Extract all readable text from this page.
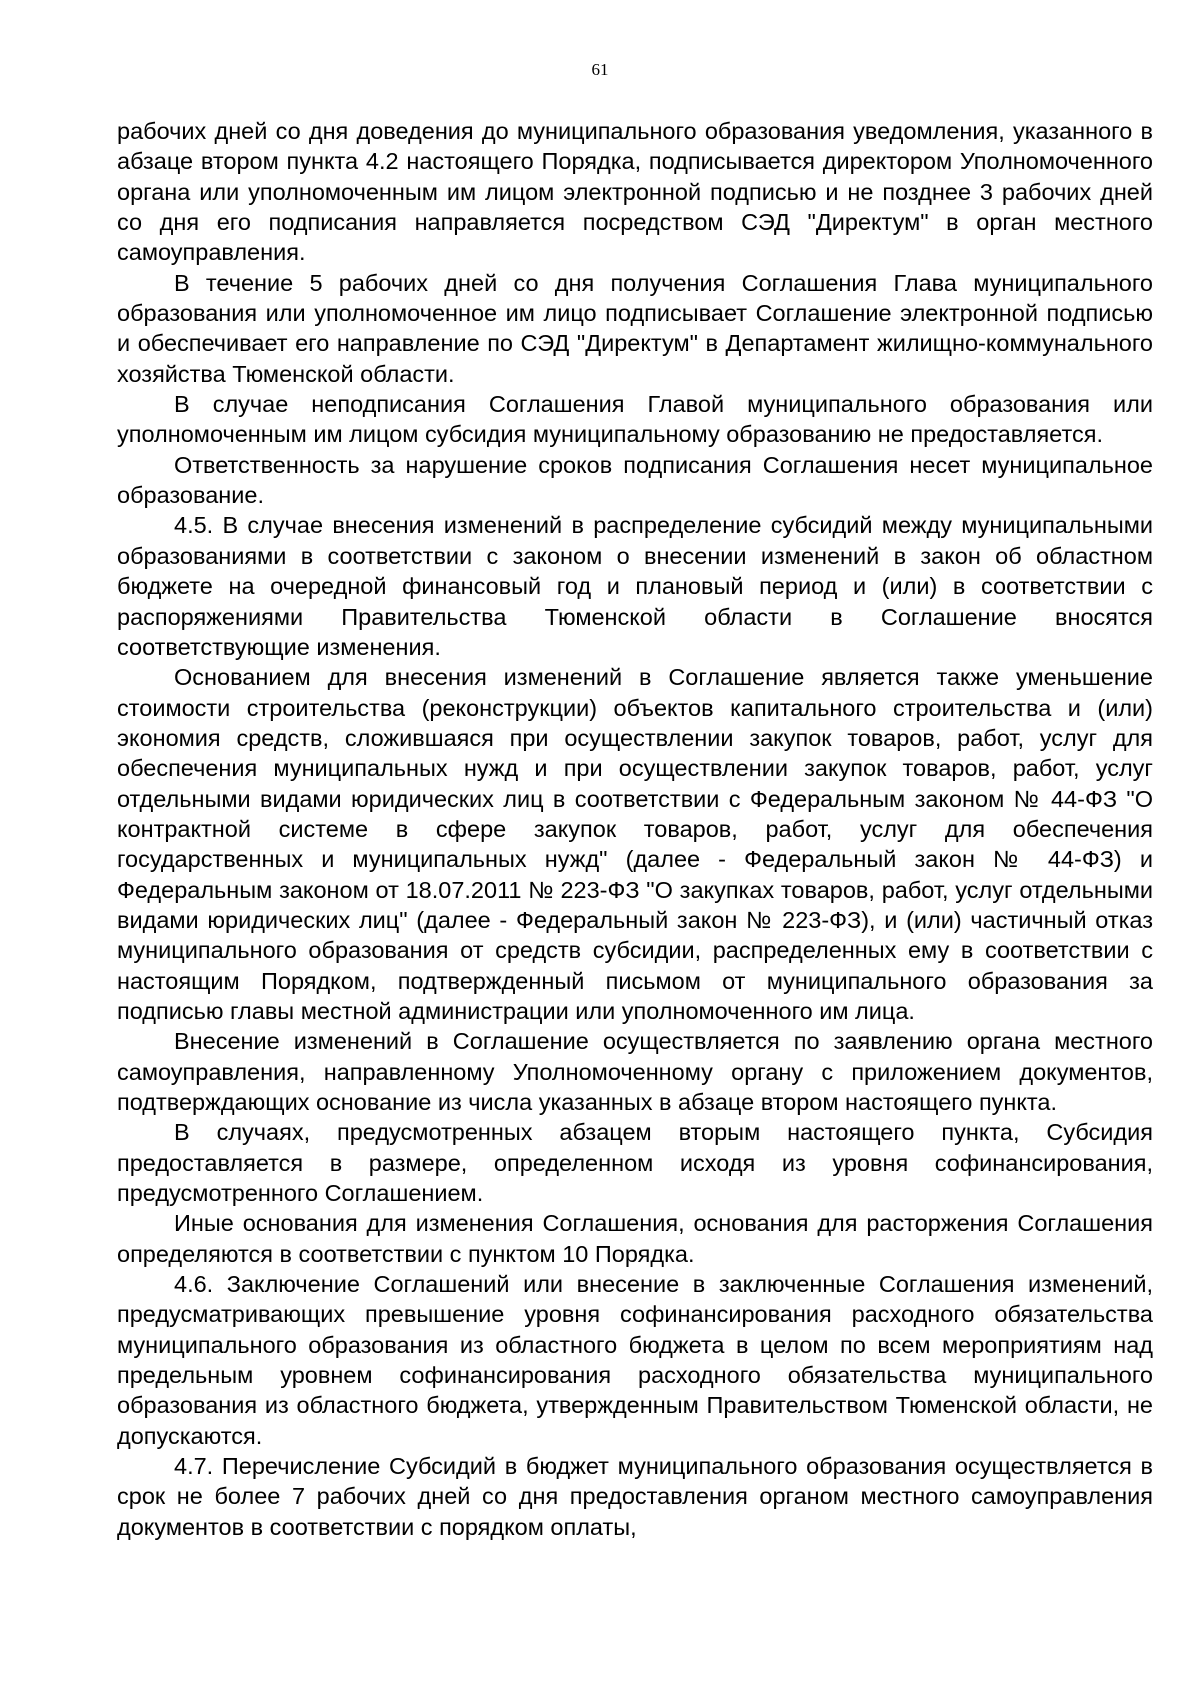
61

рабочих дней со дня доведения до муниципального образования уведомления, указанного в абзаце втором пункта 4.2 настоящего Порядка, подписывается директором Уполномоченного органа или уполномоченным им лицом электронной подписью и не позднее 3 рабочих дней со дня его подписания направляется посредством СЭД "Директум" в орган местного самоуправления.

В течение 5 рабочих дней со дня получения Соглашения Глава муниципального образования или уполномоченное им лицо подписывает Соглашение электронной подписью и обеспечивает его направление по СЭД "Директум" в Департамент жилищно-коммунального хозяйства Тюменской области.

В случае неподписания Соглашения Главой муниципального образования или уполномоченным им лицом субсидия муниципальному образованию не предоставляется.

Ответственность за нарушение сроков подписания Соглашения несет муниципальное образование.

4.5. В случае внесения изменений в распределение субсидий между муниципальными образованиями в соответствии с законом о внесении изменений в закон об областном бюджете на очередной финансовый год и плановый период и (или) в соответствии с распоряжениями Правительства Тюменской области в Соглашение вносятся соответствующие изменения.

Основанием для внесения изменений в Соглашение является также уменьшение стоимости строительства (реконструкции) объектов капитального строительства и (или) экономия средств, сложившаяся при осуществлении закупок товаров, работ, услуг для обеспечения муниципальных нужд и при осуществлении закупок товаров, работ, услуг отдельными видами юридических лиц в соответствии с Федеральным законом № 44-ФЗ "О контрактной системе в сфере закупок товаров, работ, услуг для обеспечения государственных и муниципальных нужд" (далее - Федеральный закон № 44-ФЗ) и Федеральным законом от 18.07.2011 № 223-ФЗ "О закупках товаров, работ, услуг отдельными видами юридических лиц" (далее - Федеральный закон № 223-ФЗ), и (или) частичный отказ муниципального образования от средств субсидии, распределенных ему в соответствии с настоящим Порядком, подтвержденный письмом от муниципального образования за подписью главы местной администрации или уполномоченного им лица.

Внесение изменений в Соглашение осуществляется по заявлению органа местного самоуправления, направленному Уполномоченному органу с приложением документов, подтверждающих основание из числа указанных в абзаце втором настоящего пункта.

В случаях, предусмотренных абзацем вторым настоящего пункта, Субсидия предоставляется в размере, определенном исходя из уровня софинансирования, предусмотренного Соглашением.

Иные основания для изменения Соглашения, основания для расторжения Соглашения определяются в соответствии с пунктом 10 Порядка.

4.6. Заключение Соглашений или внесение в заключенные Соглашения изменений, предусматривающих превышение уровня софинансирования расходного обязательства муниципального образования из областного бюджета в целом по всем мероприятиям над предельным уровнем софинансирования расходного обязательства муниципального образования из областного бюджета, утвержденным Правительством Тюменской области, не допускаются.

4.7. Перечисление Субсидий в бюджет муниципального образования осуществляется в срок не более 7 рабочих дней со дня предоставления органом местного самоуправления документов в соответствии с порядком оплаты,
